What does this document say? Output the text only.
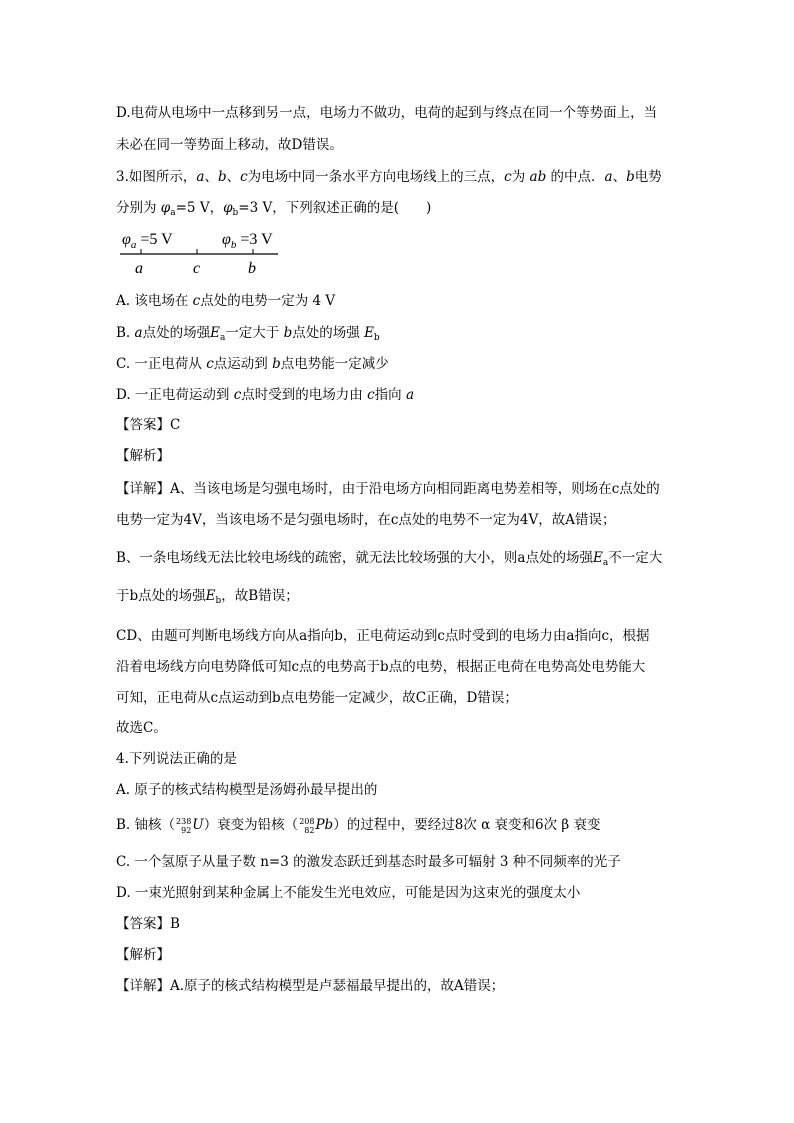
D.电荷从电场中一点移到另一点，电场力不做功，电荷的起到与终点在同一个等势面上，当
未必在同一等势面上移动，故D错误。
3.如图所示，a、b、c为电场中同一条水平方向电场线上的三点，c为 ab 的中点．a、b电势
分别为 $\varphi_a=5$ V，$\varphi_b=3$ V，下列叙述正确的是(　　)
$\varphi_a =5$ V	$\varphi_b =3$ V
a	c	b
A. 该电场在 c点处的电势一定为 4 V
B. a点处的场强$E_a$一定大于 b点处的场强 $E_b$
C. 一正电荷从 c点运动到 b点电势能一定减少
D. 一正电荷运动到 c点时受到的电场力由 c指向 a
【答案】C
【解析】
【详解】A、当该电场是匀强电场时，由于沿电场方向相同距离电势差相等，则场在c点处的
电势一定为4V，当该电场不是匀强电场时，在c点处的电势不一定为4V，故A错误；
B、一条电场线无法比较电场线的疏密，就无法比较场强的大小，则a点处的场强$E_a$不一定大
于b点处的场强$E_b$，故B错误；
CD、由题可判断电场线方向从a指向b，正电荷运动到c点时受到的电场力由a指向c，根据
沿着电场线方向电势降低可知c点的电势高于b点的电势，根据正电荷在电势高处电势能大
可知，正电荷从c点运动到b点电势能一定减少，故C正确，D错误；
故选C。
4.下列说法正确的是
A. 原子的核式结构模型是汤姆孙最早提出的
B. 铀核（238
92U）衰变为铅核（208
82Pb）的过程中，要经过8次 α 衰变和6次 β 衰变
C. 一个氢原子从量子数 n=3 的激发态跃迁到基态时最多可辐射 3 种不同频率的光子
D. 一束光照射到某种金属上不能发生光电效应，可能是因为这束光的强度太小
【答案】B
【解析】
【详解】A.原子的核式结构模型是卢瑟福最早提出的，故A错误；
